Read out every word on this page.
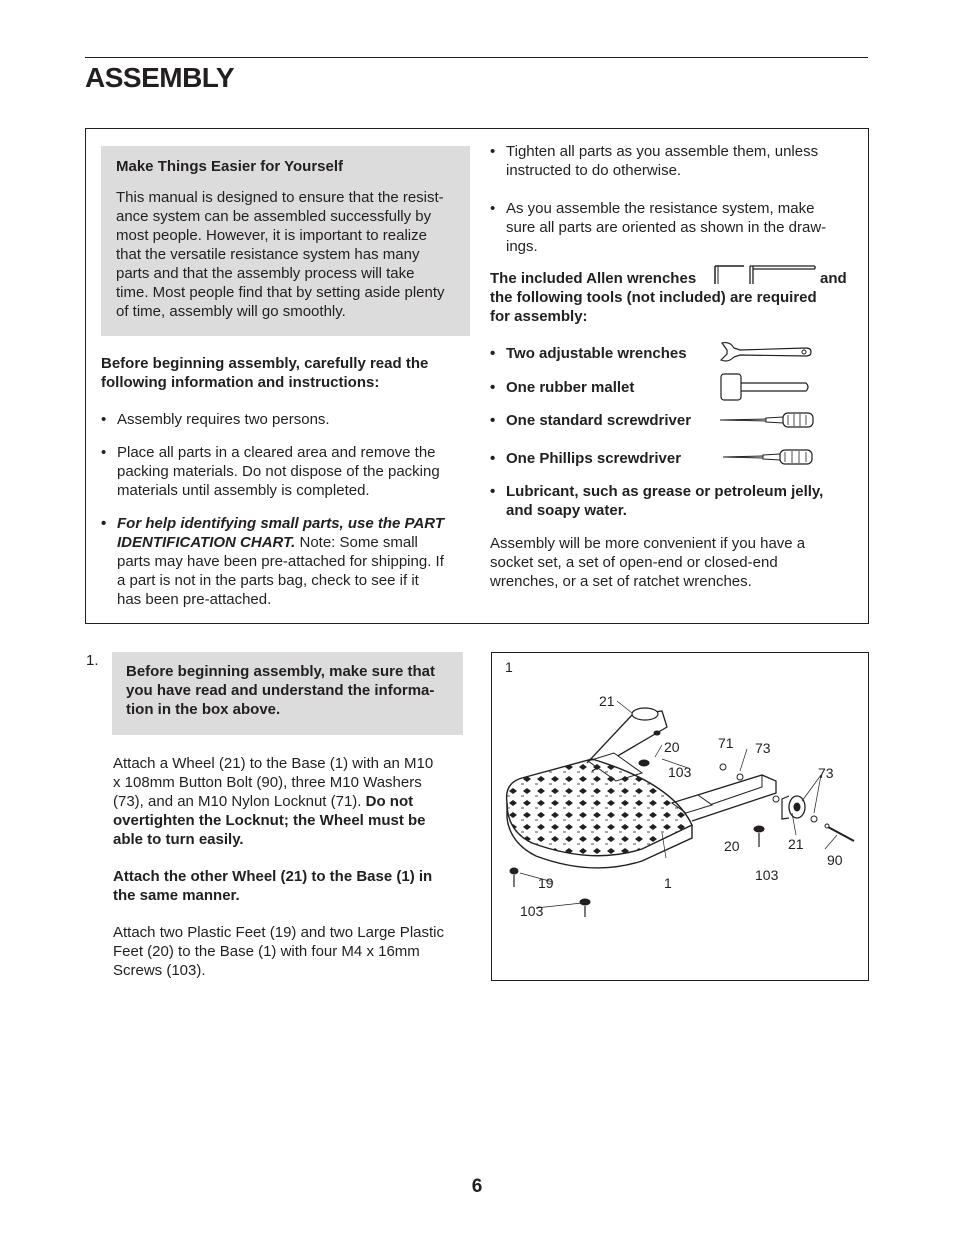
ASSEMBLY
Make Things Easier for Yourself
This manual is designed to ensure that the resist-
ance system can be assembled successfully by
most people. However, it is important to realize
that the versatile resistance system has many
parts and that the assembly process will take
time. Most people find that by setting aside plenty
of time, assembly will go smoothly.
Before beginning assembly, carefully read the
following information and instructions:
• Assembly requires two persons.
• Place all parts in a cleared area and remove the
packing materials. Do not dispose of the packing
materials until assembly is completed.
• For help identifying small parts, use the PART
IDENTIFICATION CHART. Note: Some small
parts may have been pre-attached for shipping. If
a part is not in the parts bag, check to see if it
has been pre-attached.
• Tighten all parts as you assemble them, unless
instructed to do otherwise.
• As you assemble the resistance system, make
sure all parts are oriented as shown in the draw-
ings.
The included Allen wrenches	and
the following tools (not included) are required
for assembly:
• Two adjustable wrenches
• One rubber mallet
• One standard screwdriver
• One Phillips screwdriver
• Lubricant, such as grease or petroleum jelly,
and soapy water.
Assembly will be more convenient if you have a
socket set, a set of open-end or closed-end
wrenches, or a set of ratchet wrenches.
1.
Before beginning assembly, make sure that
you have read and understand the informa-
tion in the box above.
Attach a Wheel (21) to the Base (1) with an M10
x 108mm Button Bolt (90), three M10 Washers
(73), and an M10 Nylon Locknut (71). Do not
overtighten the Locknut; the Wheel must be
able to turn easily.
Attach the other Wheel (21) to the Base (1) in
the same manner.
Attach two Plastic Feet (19) and two Large Plastic
Feet (20) to the Base (1) with four M4 x 16mm
Screws (103).
1
21
20
103
71 73
73
20	21
90
103
19	1
103
6
